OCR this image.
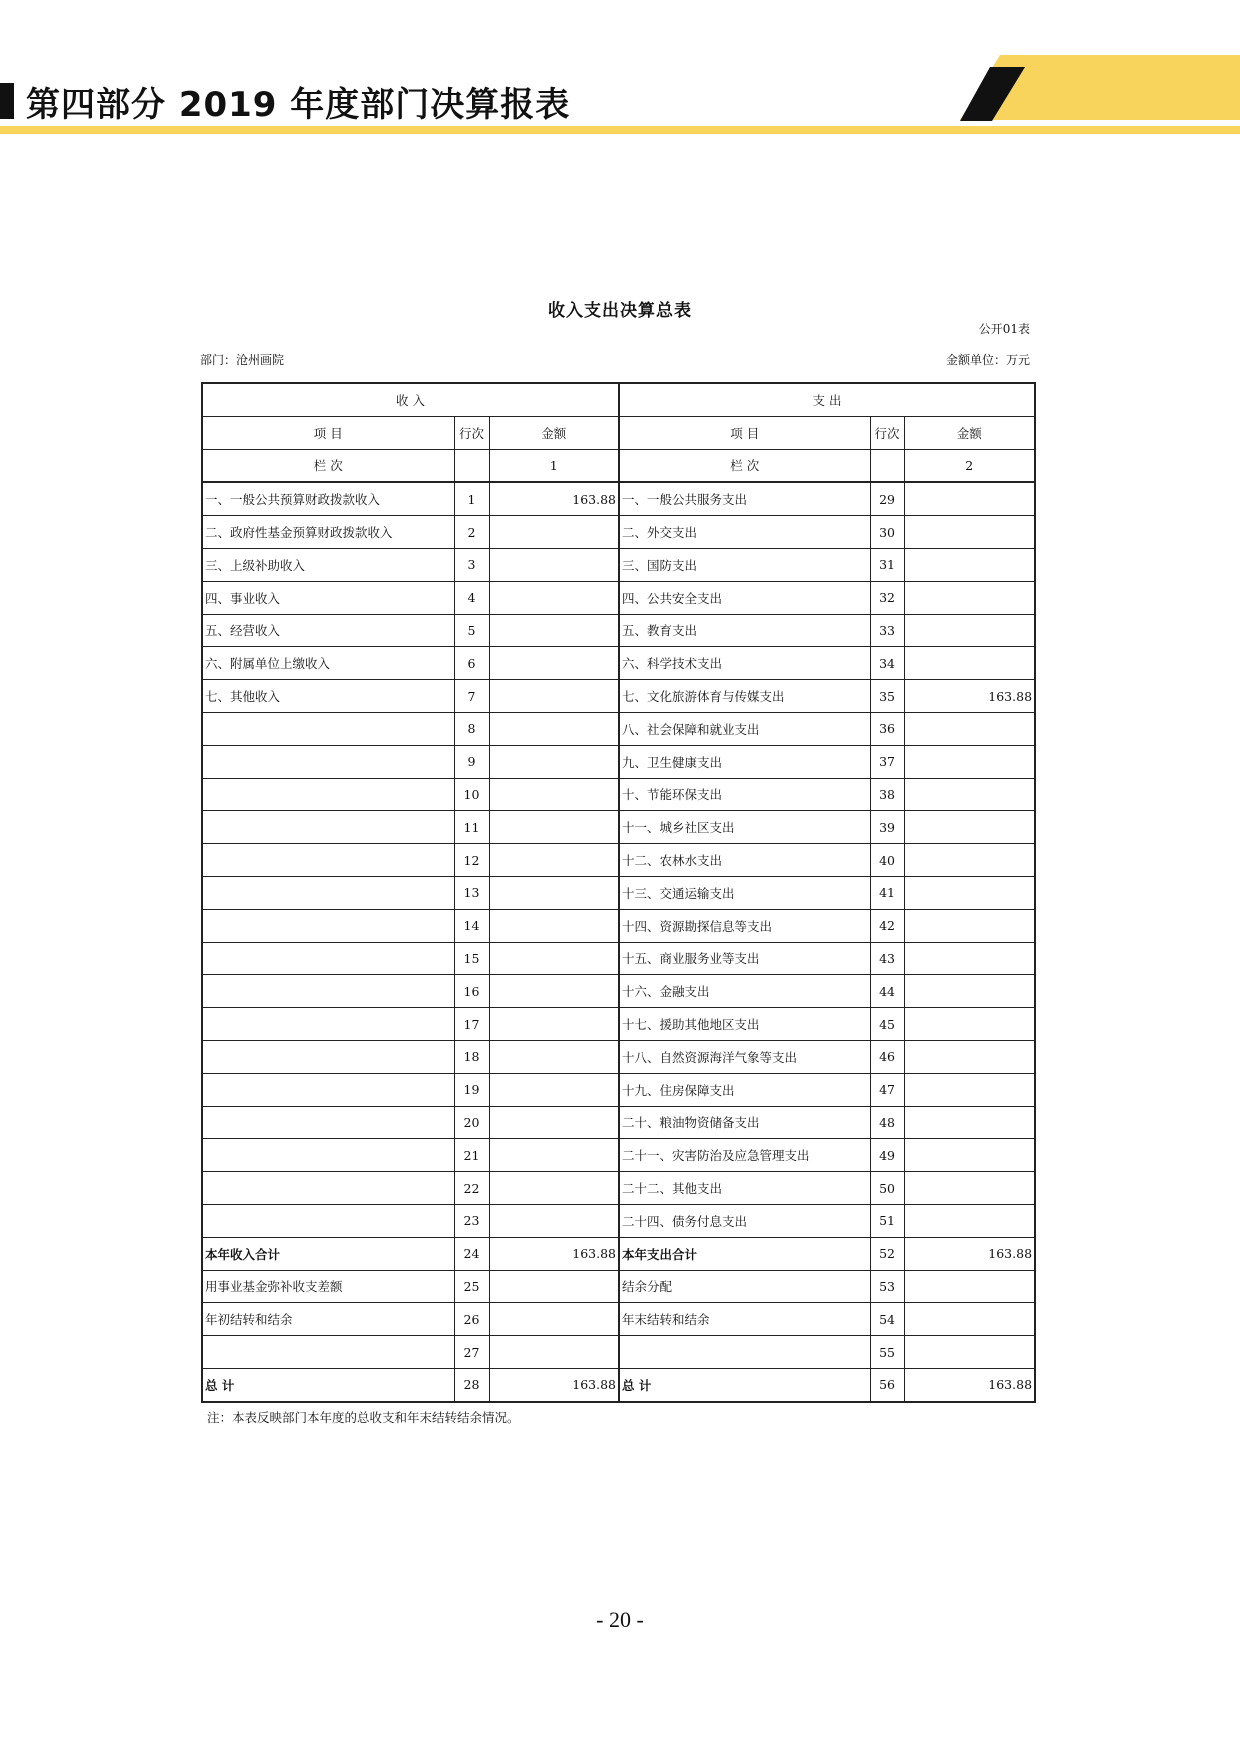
第四部分 2019 年度部门决算报表
收入支出决算总表
公开01表
部门：沧州画院	金额单位：万元
收 入			支 出		
项 目	行次	金额	项 目	行次	金额
栏 次		1	栏 次		2
一、一般公共预算财政拨款收入	1	163.88	一、一般公共服务支出	29	
二、政府性基金预算财政拨款收入	2		二、外交支出	30	
三、上级补助收入	3		三、国防支出	31	
四、事业收入	4		四、公共安全支出	32	
五、经营收入	5		五、教育支出	33	
六、附属单位上缴收入	6		六、科学技术支出	34	
七、其他收入	7		七、文化旅游体育与传媒支出	35	163.88
	8		八、社会保障和就业支出	36	
	9		九、卫生健康支出	37	
	10		十、节能环保支出	38	
	11		十一、城乡社区支出	39	
	12		十二、农林水支出	40	
	13		十三、交通运输支出	41	
	14		十四、资源勘探信息等支出	42	
	15		十五、商业服务业等支出	43	
	16		十六、金融支出	44	
	17		十七、援助其他地区支出	45	
	18		十八、自然资源海洋气象等支出	46	
	19		十九、住房保障支出	47	
	20		二十、粮油物资储备支出	48	
	21		二十一、灾害防治及应急管理支出	49	
	22		二十二、其他支出	50	
	23		二十四、债务付息支出	51	
本年收入合计	24	163.88	本年支出合计	52	163.88
用事业基金弥补收支差额	25		结余分配	53	
年初结转和结余	26		年末结转和结余	54	
	27			55	
总 计	28	163.88	总 计	56	163.88
注：本表反映部门本年度的总收支和年末结转结余情况。
- 20 -
